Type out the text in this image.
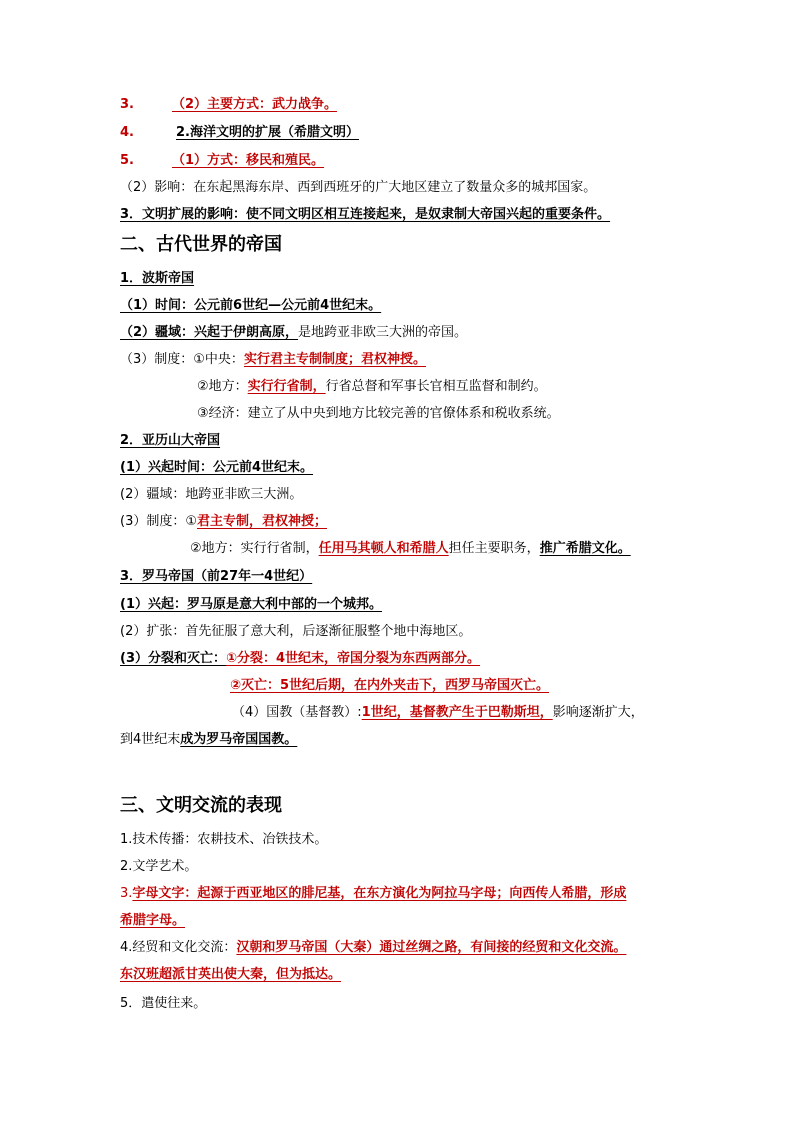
3.	（2）主要方式：武力战争。
4.	2.海洋文明的扩展（希腊文明）
5.	（1）方式：移民和殖民。
（2）影响：在东起黑海东岸、西到西班牙的广大地区建立了数量众多的城邦国家。
3．文明扩展的影响：使不同文明区相互连接起来，是奴隶制大帝国兴起的重要条件。
二、古代世界的帝国
1．波斯帝国
（1）时间：公元前6世纪—公元前4世纪末。
（2）疆域：兴起于伊朗高原，是地跨亚非欧三大洲的帝国。
（3）制度：①中央：实行君主专制制度；君权神授。
②地方：实行行省制，行省总督和军事长官相互监督和制约。
③经济：建立了从中央到地方比较完善的官僚体系和税收系统。
2．亚历山大帝国
(1）兴起时间：公元前4世纪末。
(2）疆域：地跨亚非欧三大洲。
(3）制度：①君主专制，君权神授；
②地方：实行行省制，任用马其顿人和希腊人担任主要职务，推广希腊文化。
3．罗马帝国（前27年一4世纪）
(1）兴起：罗马原是意大利中部的一个城邦。
(2）扩张：首先征服了意大利，后逐渐征服整个地中海地区。
(3）分裂和灭亡：①分裂：4世纪末，帝国分裂为东西两部分。
②灭亡：5世纪后期，在内外夹击下，西罗马帝国灭亡。
（4）国教（基督教）:1世纪，基督教产生于巴勒斯坦，影响逐渐扩大，
到4世纪末成为罗马帝国国教。
三、文明交流的表现
1.技术传播：农耕技术、冶铁技术。
2.文学艺术。
3.字母文字：起源于西亚地区的腓尼基，在东方演化为阿拉马字母；向西传人希腊，形成
希腊字母。
4.经贸和文化交流：汉朝和罗马帝国（大秦）通过丝绸之路，有间接的经贸和文化交流。
东汉班超派甘英出使大秦，但为抵达。
5．遣使往来。
